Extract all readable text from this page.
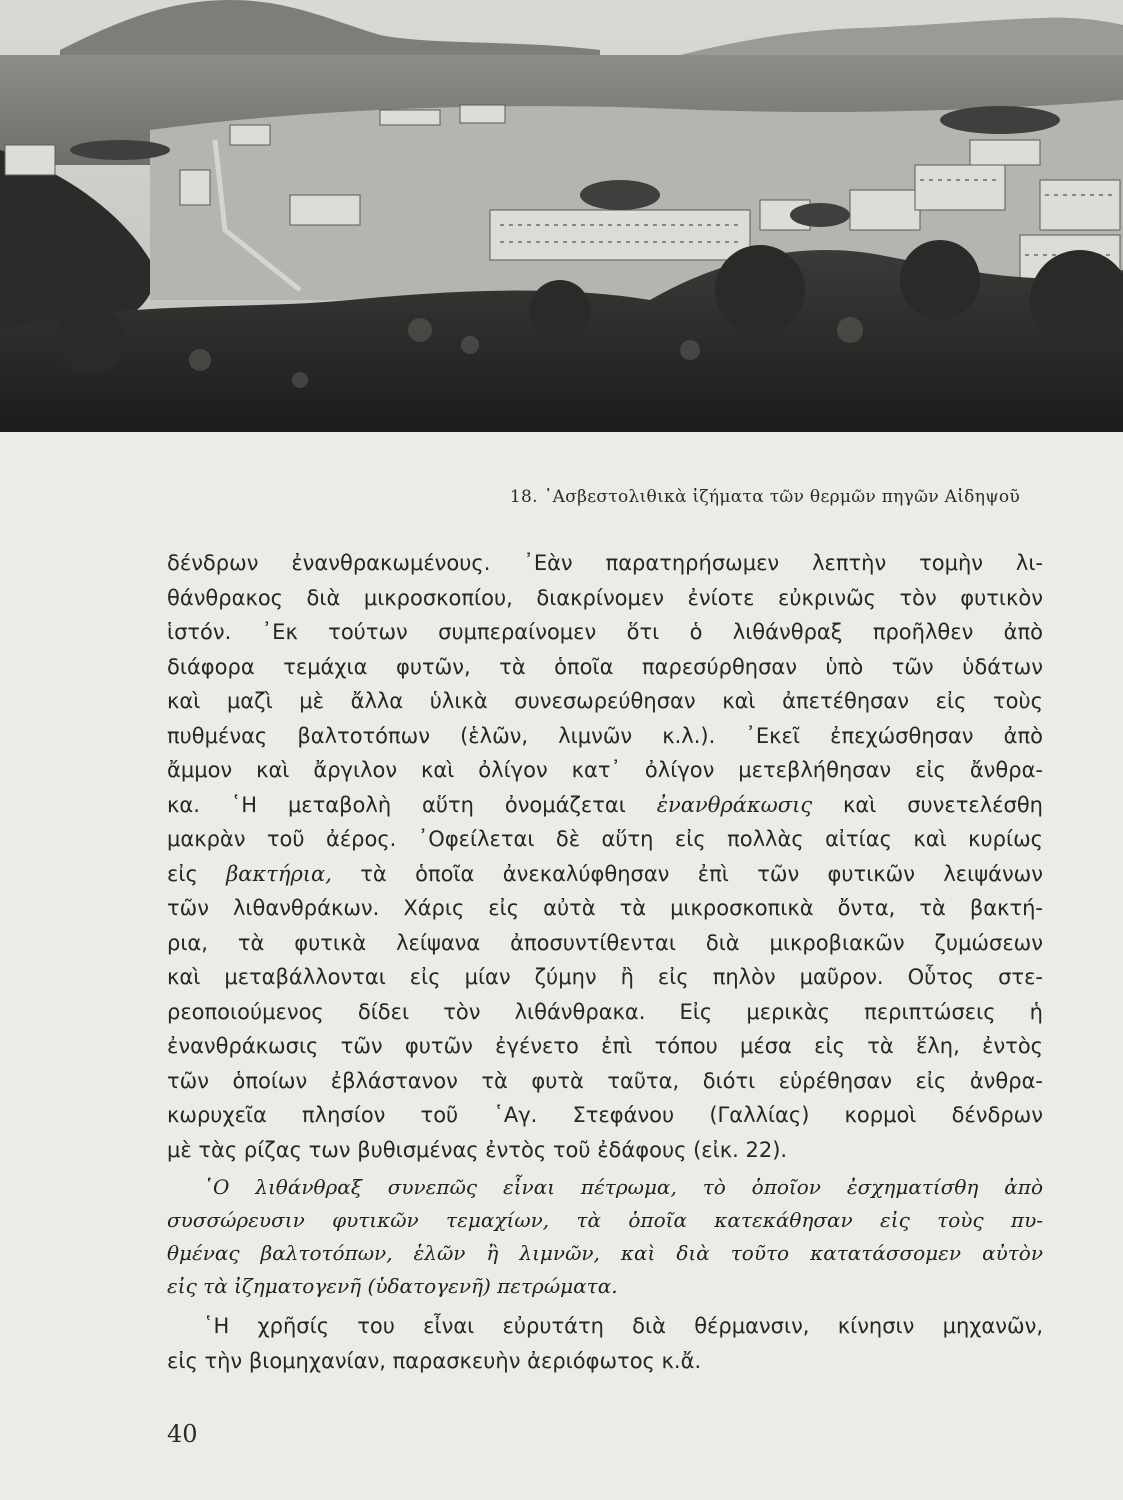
18. ᾿Ασβεστολιθικὰ ἰζήματα τῶν θερμῶν πηγῶν Αἰδηψοῦ
δένδρων ἐνανθρακωμένους. ᾿Εὰν παρατηρήσωμεν λεπτὴν τομὴν λι-
θάνθρακος διὰ μικροσκοπίου, διακρίνομεν ἐνίοτε εὐκρινῶς τὸν φυτικὸν
ἱστόν. ᾿Εκ τούτων συμπεραίνομεν ὅτι ὁ λιθάνθραξ προῆλθεν ἀπὸ
διάφορα τεμάχια φυτῶν, τὰ ὁποῖα παρεσύρθησαν ὑπὸ τῶν ὑδάτων
καὶ μαζὶ μὲ ἄλλα ὑλικὰ συνεσωρεύθησαν καὶ ἀπετέθησαν εἰς τοὺς
πυθμένας βαλτοτόπων (ἑλῶν, λιμνῶν κ.λ.). ᾿Εκεῖ ἐπεχώσθησαν ἀπὸ
ἄμμον καὶ ἄργιλον καὶ ὀλίγον κατ᾿ ὀλίγον μετεβλήθησαν εἰς ἄνθρα-
κα. ῾Η μεταβολὴ αὕτη ὀνομάζεται ἐνανθράκωσις καὶ συνετελέσθη
μακρὰν τοῦ ἀέρος. ᾿Οφείλεται δὲ αὕτη εἰς πολλὰς αἰτίας καὶ κυρίως
εἰς βακτήρια, τὰ ὁποῖα ἀνεκαλύφθησαν ἐπὶ τῶν φυτικῶν λειψάνων
τῶν λιθανθράκων. Χάρις εἰς αὐτὰ τὰ μικροσκοπικὰ ὄντα, τὰ βακτή-
ρια, τὰ φυτικὰ λείψανα ἀποσυντίθενται διὰ μικροβιακῶν ζυμώσεων
καὶ μεταβάλλονται εἰς μίαν ζύμην ἢ εἰς πηλὸν μαῦρον. Οὗτος στε-
ρεοποιούμενος δίδει τὸν λιθάνθρακα. Εἰς μερικὰς περιπτώσεις ἡ
ἐνανθράκωσις τῶν φυτῶν ἐγένετο ἐπὶ τόπου μέσα εἰς τὰ ἕλη, ἐντὸς
τῶν ὁποίων ἐβλάστανον τὰ φυτὰ ταῦτα, διότι εὑρέθησαν εἰς ἀνθρα-
κωρυχεῖα πλησίον τοῦ ῾Αγ. Στεφάνου (Γαλλίας) κορμοὶ δένδρων
μὲ τὰς ρίζας των βυθισμένας ἐντὸς τοῦ ἐδάφους (εἰκ. 22).
῾Ο λιθάνθραξ συνεπῶς εἶναι πέτρωμα, τὸ ὁποῖον ἐσχηματίσθη ἀπὸ
συσσώρευσιν φυτικῶν τεμαχίων, τὰ ὁποῖα κατεκάθησαν εἰς τοὺς πυ-
θμένας βαλτοτόπων, ἑλῶν ἢ λιμνῶν, καὶ διὰ τοῦτο κατατάσσομεν αὐτὸν
εἰς τὰ ἰζηματογενῆ (ὑδατογενῆ) πετρώματα.
῾Η χρῆσίς του εἶναι εὐρυτάτη διὰ θέρμανσιν, κίνησιν μηχανῶν,
εἰς τὴν βιομηχανίαν, παρασκευὴν ἀεριόφωτος κ.ἄ.
40
